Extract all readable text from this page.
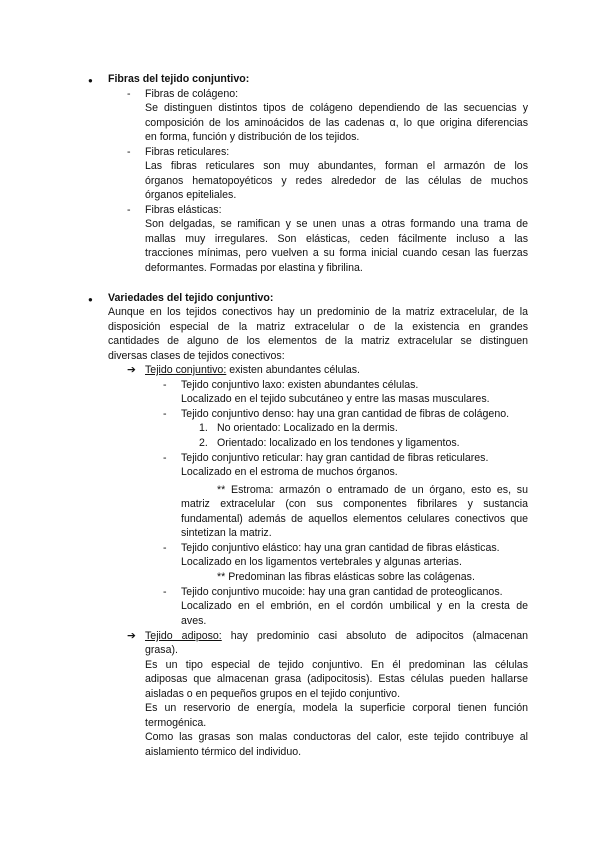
● Fibras del tejido conjuntivo:
- Fibras de colágeno:
Se distinguen distintos tipos de colágeno dependiendo de las secuencias y
composición de los aminoácidos de las cadenas α, lo que origina diferencias
en forma, función y distribución de los tejidos.
- Fibras reticulares:
Las fibras reticulares son muy abundantes, forman el armazón de los
órganos hematopoyéticos y redes alrededor de las células de muchos
órganos epiteliales.
- Fibras elásticas:
Son delgadas, se ramifican y se unen unas a otras formando una trama de
mallas muy irregulares. Son elásticas, ceden fácilmente incluso a las
tracciones mínimas, pero vuelven a su forma inicial cuando cesan las fuerzas
deformantes. Formadas por elastina y fibrilina.
● Variedades del tejido conjuntivo:
Aunque en los tejidos conectivos hay un predominio de la matriz extracelular, de la
disposición especial de la matriz extracelular o de la existencia en grandes
cantidades de alguno de los elementos de la matriz extracelular se distinguen
diversas clases de tejidos conectivos:
➔ Tejido conjuntivo: existen abundantes células.
- Tejido conjuntivo laxo: existen abundantes células.
Localizado en el tejido subcutáneo y entre las masas musculares.
- Tejido conjuntivo denso: hay una gran cantidad de fibras de colágeno.
1. No orientado: Localizado en la dermis.
2. Orientado: localizado en los tendones y ligamentos.
- Tejido conjuntivo reticular: hay gran cantidad de fibras reticulares.
Localizado en el estroma de muchos órganos.
** Estroma: armazón o entramado de un órgano, esto es, su
matriz extracelular (con sus componentes fibrilares y sustancia
fundamental) además de aquellos elementos celulares conectivos que
sintetizan la matriz.
- Tejido conjuntivo elástico: hay una gran cantidad de fibras elásticas.
Localizado en los ligamentos vertebrales y algunas arterias.
** Predominan las fibras elásticas sobre las colágenas.
- Tejido conjuntivo mucoide: hay una gran cantidad de proteoglicanos.
Localizado en el embrión, en el cordón umbilical y en la cresta de
aves.
➔ Tejido adiposo: hay predominio casi absoluto de adipocitos (almacenan
grasa).
Es un tipo especial de tejido conjuntivo. En él predominan las células
adiposas que almacenan grasa (adipocitosis). Estas células pueden hallarse
aisladas o en pequeños grupos en el tejido conjuntivo.
Es un reservorio de energía, modela la superficie corporal tienen función
termogénica.
Como las grasas son malas conductoras del calor, este tejido contribuye al
aislamiento térmico del individuo.
